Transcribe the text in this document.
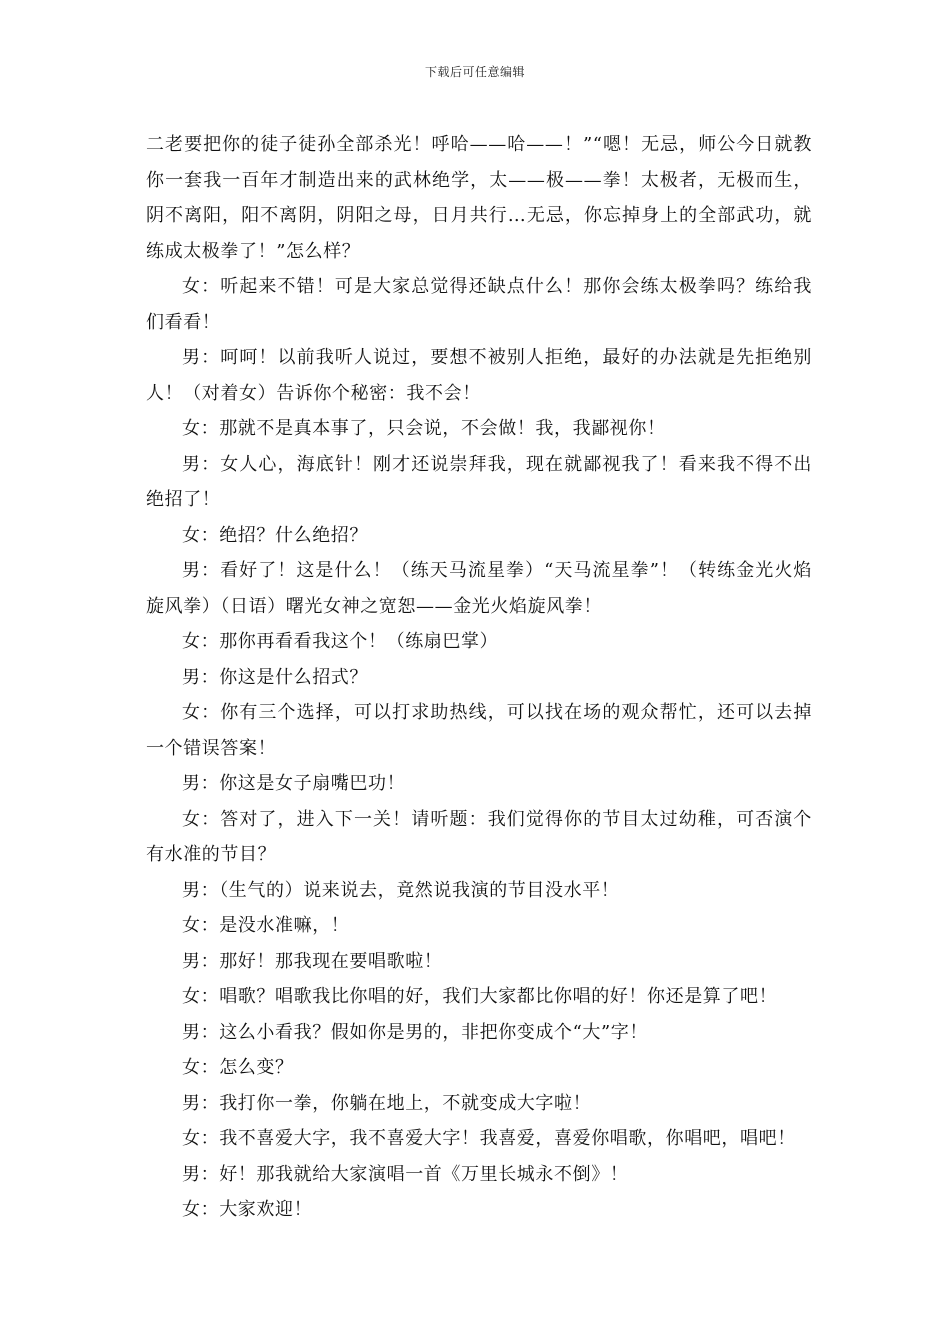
下载后可任意编辑

二老要把你的徒子徒孙全部杀光！呼哈——哈——！”“嗯！无忌，师公今日就教你一套我一百年才制造出来的武林绝学，太——极——拳！太极者，无极而生，阴不离阳，阳不离阴，阴阳之母，日月共行…无忌，你忘掉身上的全部武功，就练成太极拳了！”怎么样？

女：听起来不错！可是大家总觉得还缺点什么！那你会练太极拳吗？练给我们看看！

男：呵呵！以前我听人说过，要想不被别人拒绝，最好的办法就是先拒绝别人！（对着女）告诉你个秘密：我不会！

女：那就不是真本事了，只会说，不会做！我，我鄙视你！

男：女人心，海底针！刚才还说崇拜我，现在就鄙视我了！看来我不得不出绝招了！

女：绝招？什么绝招？

男：看好了！这是什么！（练天马流星拳）“天马流星拳”！（转练金光火焰旋风拳）（日语）曙光女神之宽恕——金光火焰旋风拳！

女：那你再看看我这个！（练扇巴掌）

男：你这是什么招式？

女：你有三个选择，可以打求助热线，可以找在场的观众帮忙，还可以去掉一个错误答案！

男：你这是女子扇嘴巴功！

女：答对了，进入下一关！请听题：我们觉得你的节目太过幼稚，可否演个有水准的节目？

男：（生气的）说来说去，竟然说我演的节目没水平！

女：是没水准嘛，！

男：那好！那我现在要唱歌啦！

女：唱歌？唱歌我比你唱的好，我们大家都比你唱的好！你还是算了吧！

男：这么小看我？假如你是男的，非把你变成个“大”字！

女：怎么变？

男：我打你一拳，你躺在地上，不就变成大字啦！

女：我不喜爱大字，我不喜爱大字！我喜爱，喜爱你唱歌，你唱吧，唱吧！

男：好！那我就给大家演唱一首《万里长城永不倒》！

女：大家欢迎！
